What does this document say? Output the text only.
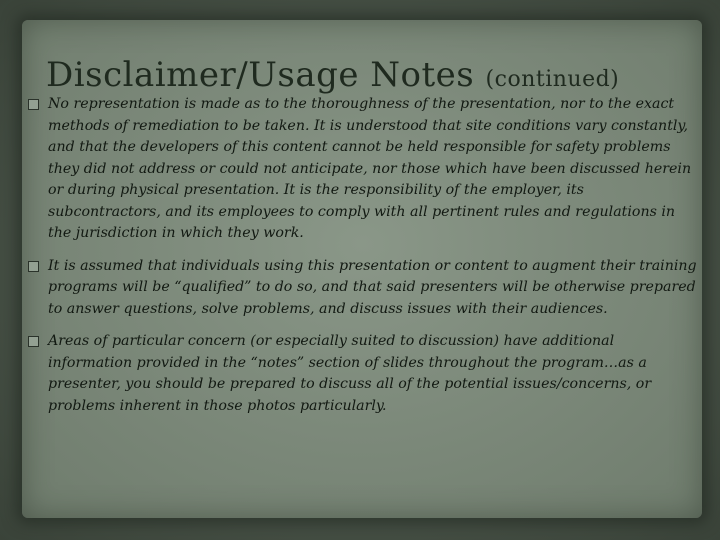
Disclaimer/Usage Notes (continued)
No representation is made as to the thoroughness of the presentation, nor to the exact methods of remediation to be taken. It is understood that site conditions vary constantly, and that the developers of this content cannot be held responsible for safety problems they did not address or could not anticipate, nor those which have been discussed herein or during physical presentation. It is the responsibility of the employer, its subcontractors, and its employees to comply with all pertinent rules and regulations in the jurisdiction in which they work.
It is assumed that individuals using this presentation or content to augment their training programs will be “qualified” to do so, and that said presenters will be otherwise prepared to answer questions, solve problems, and discuss issues with their audiences.
Areas of particular concern (or especially suited to discussion) have additional information provided in the “notes” section of slides throughout the program…as a presenter, you should be prepared to discuss all of the potential issues/concerns, or problems inherent in those photos particularly.
